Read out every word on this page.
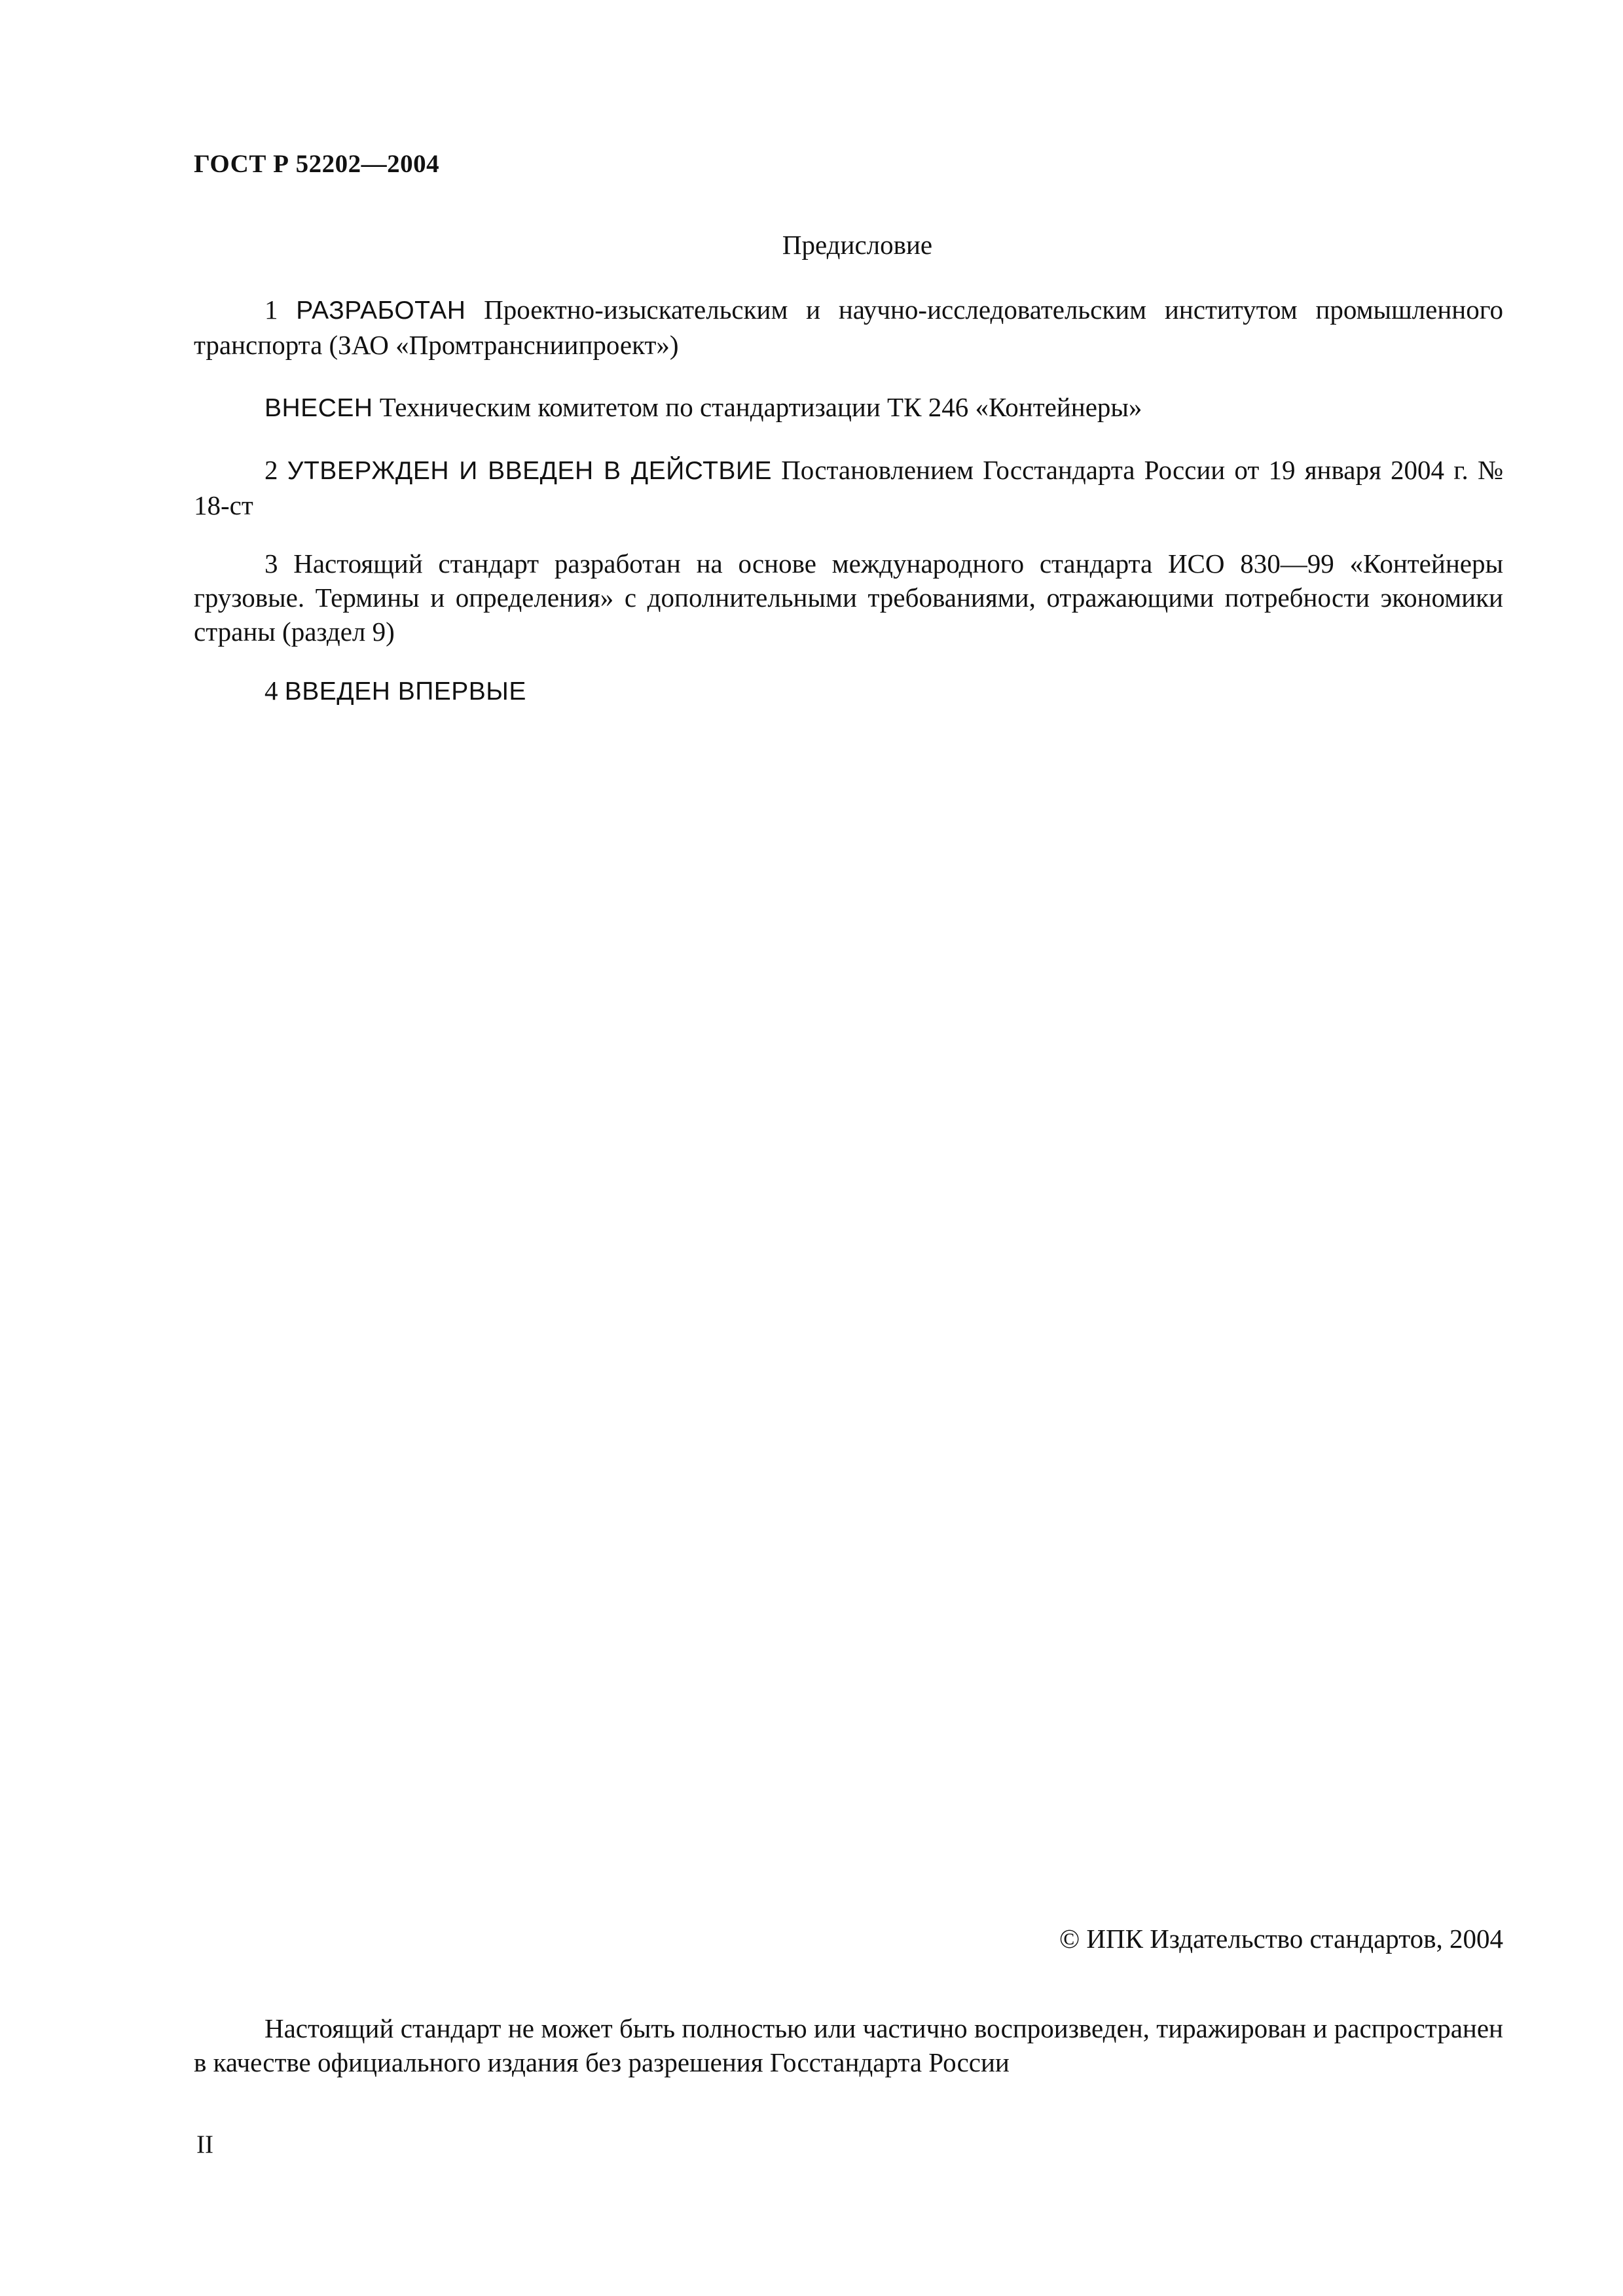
ГОСТ Р 52202—2004
Предисловие

1 РАЗРАБОТАН Проектно-изыскательским и научно-исследовательским институтом промышленного транспорта (ЗАО «Промтрансниипроект»)

ВНЕСЕН Техническим комитетом по стандартизации ТК 246 «Контейнеры»

2 УТВЕРЖДЕН И ВВЕДЕН В ДЕЙСТВИЕ Постановлением Госстандарта России от 19 января 2004 г. № 18-ст

3 Настоящий стандарт разработан на основе международного стандарта ИСО 830—99 «Контейнеры грузовые. Термины и определения» с дополнительными требованиями, отражающими потребности экономики страны (раздел 9)

4 ВВЕДЕН ВПЕРВЫЕ

© ИПК Издательство стандартов, 2004

Настоящий стандарт не может быть полностью или частично воспроизведен, тиражирован и распространен в качестве официального издания без разрешения Госстандарта России

II
